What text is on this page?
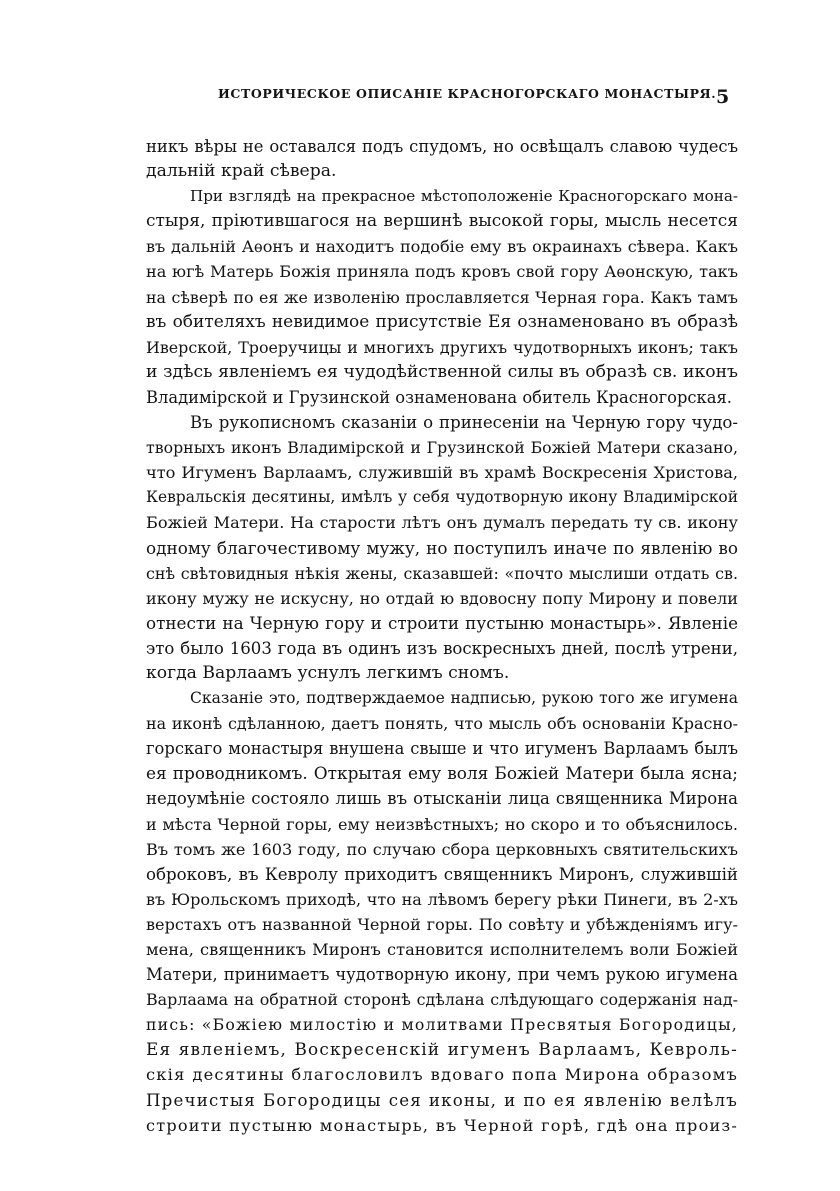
ИСТОРИЧЕСКОЕ ОПИСАНІЕ КРАСНОГОРСКАГО МОНАСТЫРЯ. 5
никъ вѣры не оставался подъ спудомъ, но освѣщалъ славою чудесъ
дальній край сѣвера.
При взглядѣ на прекрасное мѣстоположеніе Красногорскаго мона-
стыря, пріютившагося на вершинѣ высокой горы, мысль несется
въ дальній Аѳонъ и находитъ подобіе ему въ окраинахъ сѣвера. Какъ
на югѣ Матерь Божія приняла подъ кровъ свой гору Аѳонскую, такъ
на сѣверѣ по ея же изволенію прославляется Черная гора. Какъ тамъ
въ обителяхъ невидимое присутствіе Ея ознаменовано въ образѣ
Иверской, Троеручицы и многихъ другихъ чудотворныхъ иконъ; такъ
и здѣсь явленіемъ ея чудодѣйственной силы въ образѣ св. иконъ
Владимірской и Грузинской ознаменована обитель Красногорская.
Въ рукописномъ сказаніи о принесеніи на Черную гору чудо-
творныхъ иконъ Владимірской и Грузинской Божіей Матери сказано,
что Игуменъ Варлаамъ, служившій въ храмѣ Воскресенія Христова,
Кевральскія десятины, имѣлъ у себя чудотворную икону Владимірской
Божіей Матери. На старости лѣтъ онъ думалъ передать ту св. икону
одному благочестивому мужу, но поступилъ иначе по явленію во
снѣ свѣтовидныя нѣкія жены, сказавшей: «почто мыслиши отдать св.
икону мужу не искусну, но отдай ю вдовосну попу Мирону и повели
отнести на Черную гору и строити пустыню монастырь». Явленіе
это было 1603 года въ одинъ изъ воскресныхъ дней, послѣ утрени,
когда Варлаамъ уснулъ легкимъ сномъ.
Сказаніе это, подтверждаемое надписью, рукою того же игумена
на иконѣ сдѣланною, даетъ понять, что мысль объ основаніи Красно-
горскаго монастыря внушена свыше и что игуменъ Варлаамъ былъ
ея проводникомъ. Открытая ему воля Божіей Матери была ясна;
недоумѣніе состояло лишь въ отысканіи лица священника Мирона
и мѣста Черной горы, ему неизвѣстныхъ; но скоро и то объяснилось.
Въ томъ же 1603 году, по случаю сбора церковныхъ святительскихъ
оброковъ, въ Кевролу приходитъ священникъ Миронъ, служившій
въ Юрольскомъ приходѣ, что на лѣвомъ берегу рѣки Пинеги, въ 2-хъ
верстахъ отъ названной Черной горы. По совѣту и убѣжденіямъ игу-
мена, священникъ Миронъ становится исполнителемъ воли Божіей
Матери, принимаетъ чудотворную икону, при чемъ рукою игумена
Варлаама на обратной сторонѣ сдѣлана слѣдующаго содержанія над-
пись: «Божіею милостію и молитвами Пресвятыя Богородицы,
Ея явленіемъ, Воскресенскій игуменъ Варлаамъ, Кевроль-
скія десятины благословилъ вдоваго попа Мирона образомъ
Пречистыя Богородицы сея иконы, и по ея явленію велѣлъ
строити пустыню монастырь, въ Черной горѣ, гдѣ она произ-
